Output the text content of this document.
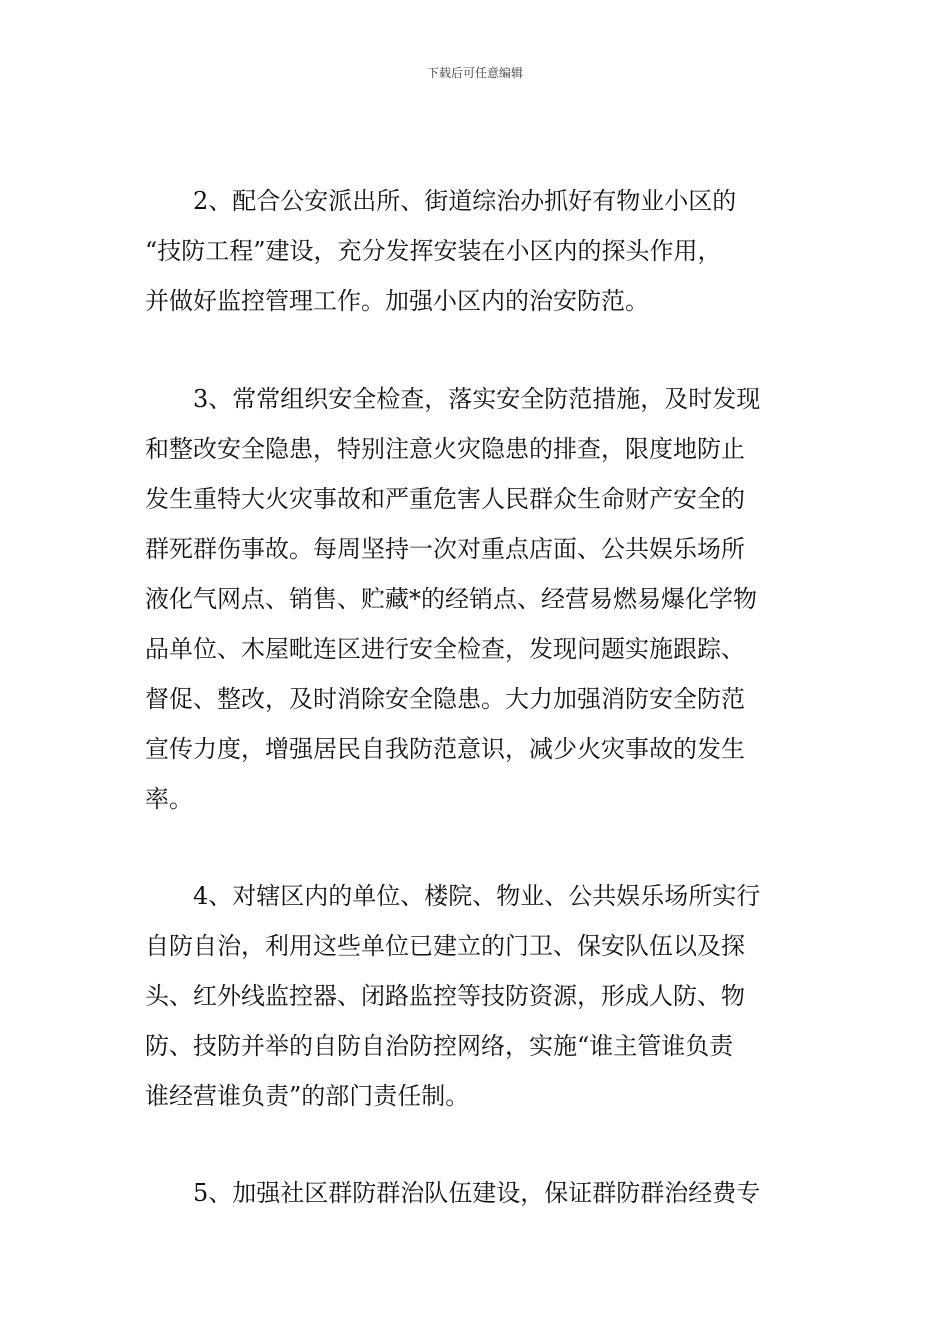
下载后可任意编辑
2、配合公安派出所、街道综治办抓好有物业小区的
“技防工程”建设，充分发挥安装在小区内的探头作用，
并做好监控管理工作。加强小区内的治安防范。
3、常常组织安全检查，落实安全防范措施，及时发现
和整改安全隐患，特别注意火灾隐患的排查，限度地防止
发生重特大火灾事故和严重危害人民群众生命财产安全的
群死群伤事故。每周坚持一次对重点店面、公共娱乐场所
液化气网点、销售、贮藏*的经销点、经营易燃易爆化学物
品单位、木屋毗连区进行安全检查，发现问题实施跟踪、
督促、整改，及时消除安全隐患。大力加强消防安全防范
宣传力度，增强居民自我防范意识，减少火灾事故的发生
率。
4、对辖区内的单位、楼院、物业、公共娱乐场所实行
自防自治，利用这些单位已建立的门卫、保安队伍以及探
头、红外线监控器、闭路监控等技防资源，形成人防、物
防、技防并举的自防自治防控网络，实施“谁主管谁负责
谁经营谁负责”的部门责任制。
5、加强社区群防群治队伍建设，保证群防群治经费专
